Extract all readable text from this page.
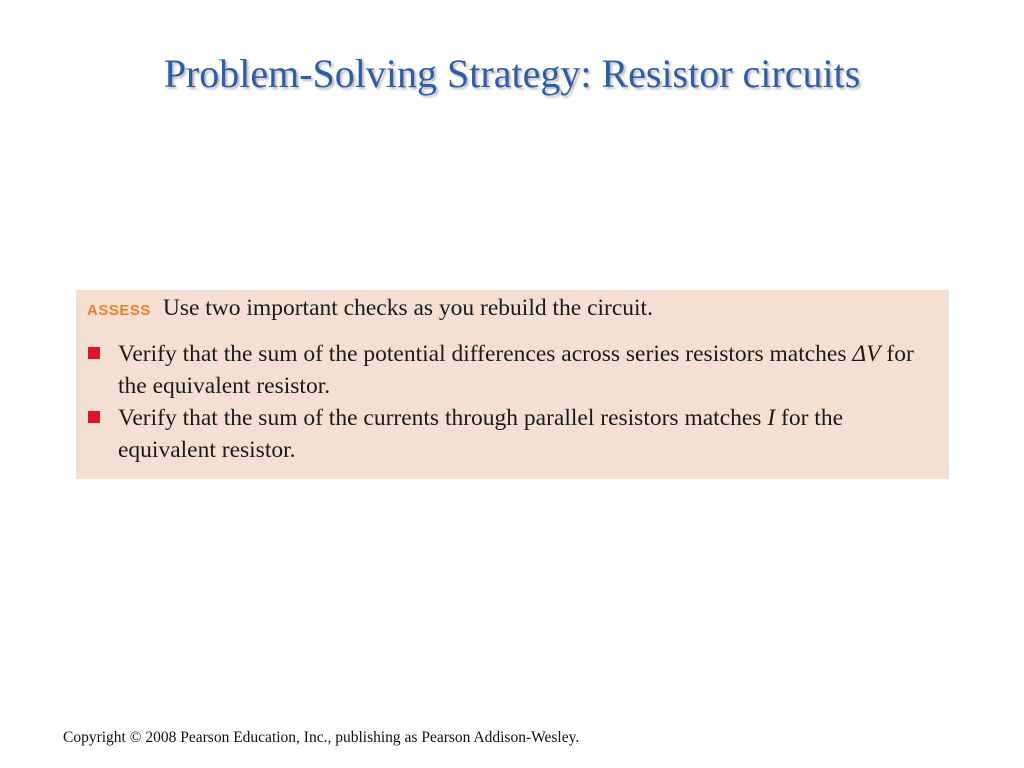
Problem-Solving Strategy: Resistor circuits
ASSESS Use two important checks as you rebuild the circuit.
Verify that the sum of the potential differences across series resistors matches ΔV for the equivalent resistor.
Verify that the sum of the currents through parallel resistors matches I for the equivalent resistor.
Copyright © 2008 Pearson Education, Inc., publishing as Pearson Addison-Wesley.
